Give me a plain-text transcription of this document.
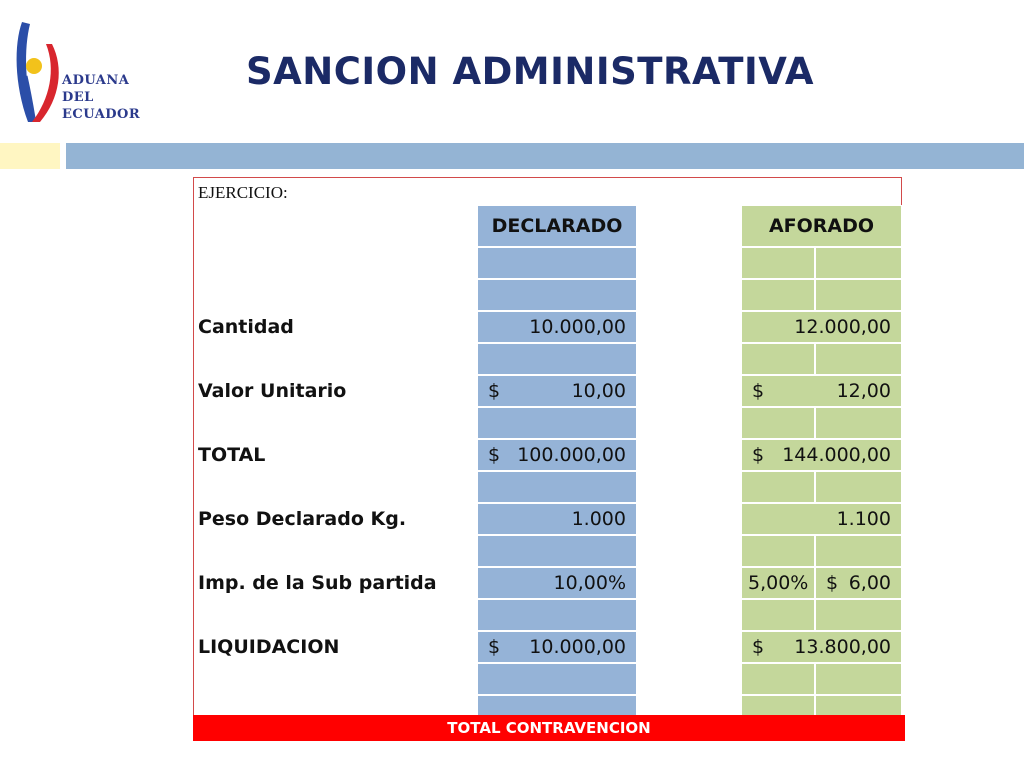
ADUANA
DEL
ECUADOR
SANCION ADMINISTRATIVA
EJERCICIO:
DECLARADO	AFORADO
Cantidad	10.000,00	12.000,00
Valor Unitario	$	10,00	$	12,00
TOTAL	$ 100.000,00	$ 144.000,00
Peso Declarado Kg.	1.000	1.100
Imp. de la Sub partida	10,00%	5,00% $ 6,00
LIQUIDACION	$ 10.000,00	$ 13.800,00
TOTAL CONTRAVENCION
